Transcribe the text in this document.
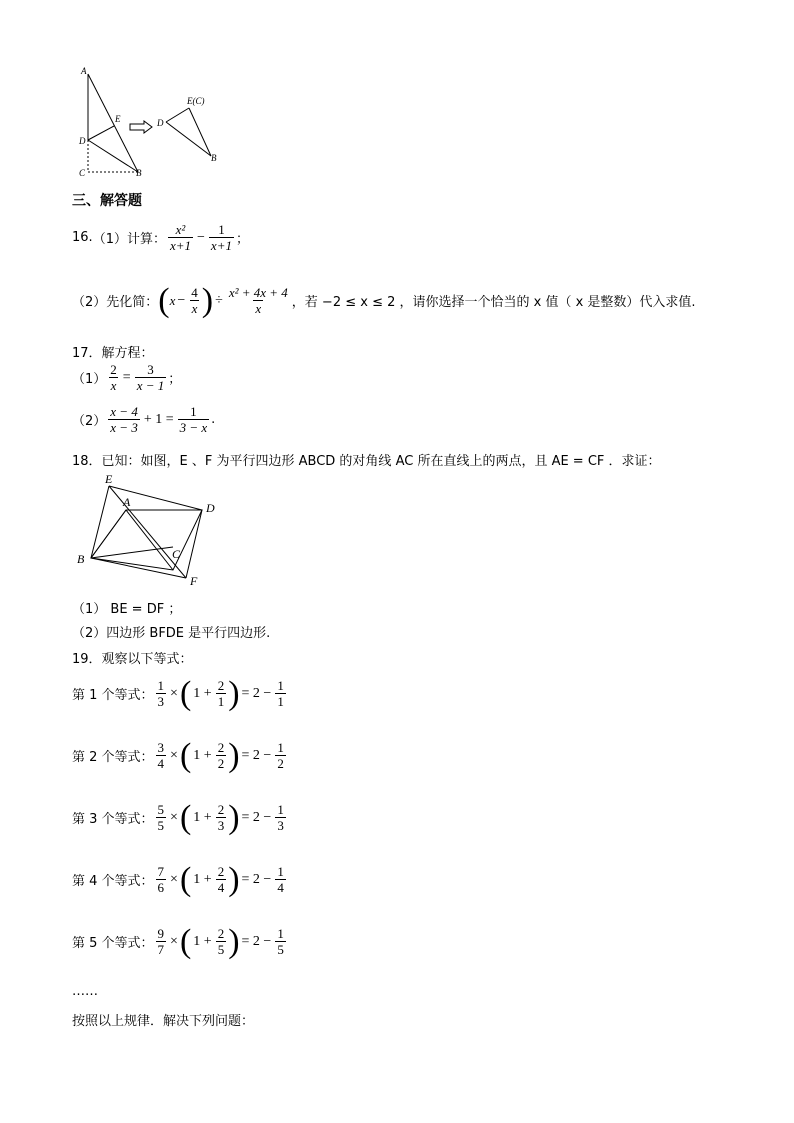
A
D
E
C	B
E(C)
D
B
三、解答题
16. （1）计算： $\frac{\text{x²}}{x+1} - \frac{1}{x+1}$ ；
（2）先化简： ( $x - \frac{4}{x}$ ) ÷ $\frac{\text{x² + 4x + 4}}{x}$ ，若 −2 ≤ x ≤ 2 ，请你选择一个恰当的 x 值（ x 是整数）代入求值.
17．解方程：
$(1) \frac{2}{x} = \frac{3}{x - 1}$ ；
$(2) \frac{x - 4}{x - 3} + 1 = \frac{1}{3 - x}$ .
18．已知：如图，E 、F 为平行四边形 ABCD 的对角线 AC 所在直线上的两点，且 AE = CF ．求证：
E
A	D
B	C
F
（1） BE = DF ；
（2）四边形 BFDE 是平行四边形.
19．观察以下等式：
第 1 个等式： $\frac{1}{3}$ × ( $1 + \frac{2}{1}$ ) = $2 - \frac{1}{1}$
第 2 个等式： $\frac{3}{4}$ × ( $1 + \frac{2}{2}$ ) = $2 - \frac{1}{2}$
第 3 个等式： $\frac{5}{5}$ × ( $1 + \frac{2}{3}$ ) = $2 - \frac{1}{3}$
第 4 个等式： $\frac{7}{6}$ × ( $1 + \frac{2}{4}$ ) = $2 - \frac{1}{4}$
第 5 个等式： $\frac{9}{7}$ × ( $1 + \frac{2}{5}$ ) = $2 - \frac{1}{5}$
……
按照以上规律．解决下列问题：
